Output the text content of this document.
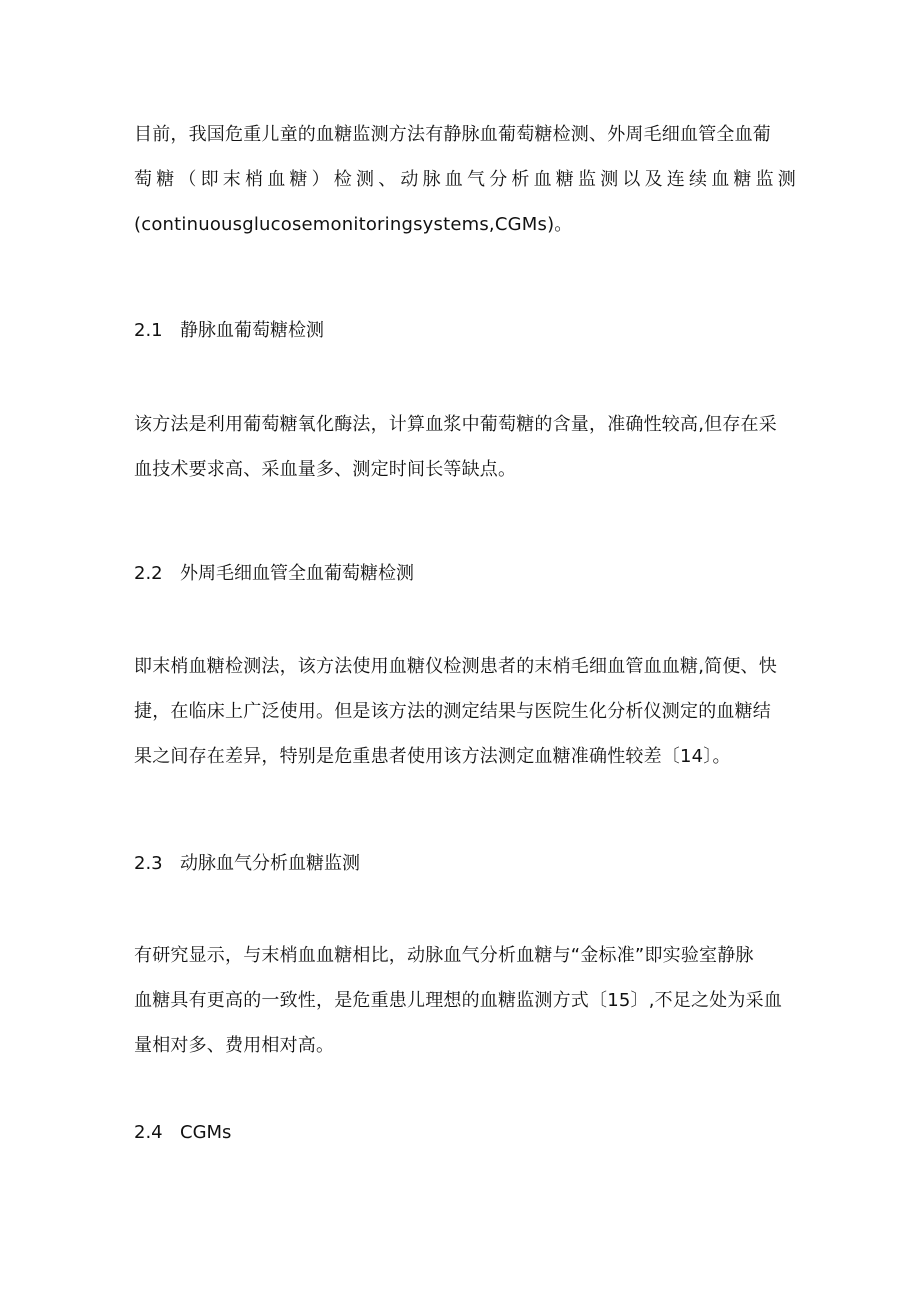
目前，我国危重儿童的血糖监测方法有静脉血葡萄糖检测、外周毛细血管全血葡
萄糖（即末梢血糖）检测、动脉血气分析血糖监测以及连续血糖监测
(continuousglucosemonitoringsystems,CGMs)。
2.1 静脉血葡萄糖检测
该方法是利用葡萄糖氧化酶法，计算血浆中葡萄糖的含量，准确性较高,但存在采
血技术要求高、采血量多、测定时间长等缺点。
2.2 外周毛细血管全血葡萄糖检测
即末梢血糖检测法，该方法使用血糖仪检测患者的末梢毛细血管血血糖,简便、快
捷，在临床上广泛使用。但是该方法的测定结果与医院生化分析仪测定的血糖结
果之间存在差异，特别是危重患者使用该方法测定血糖准确性较差〔14〕。
2.3 动脉血气分析血糖监测
有研究显示，与末梢血血糖相比，动脉血气分析血糖与“金标准”即实验室静脉
血糖具有更高的一致性，是危重患儿理想的血糖监测方式〔15〕,不足之处为采血
量相对多、费用相对高。
2.4 CGMs
